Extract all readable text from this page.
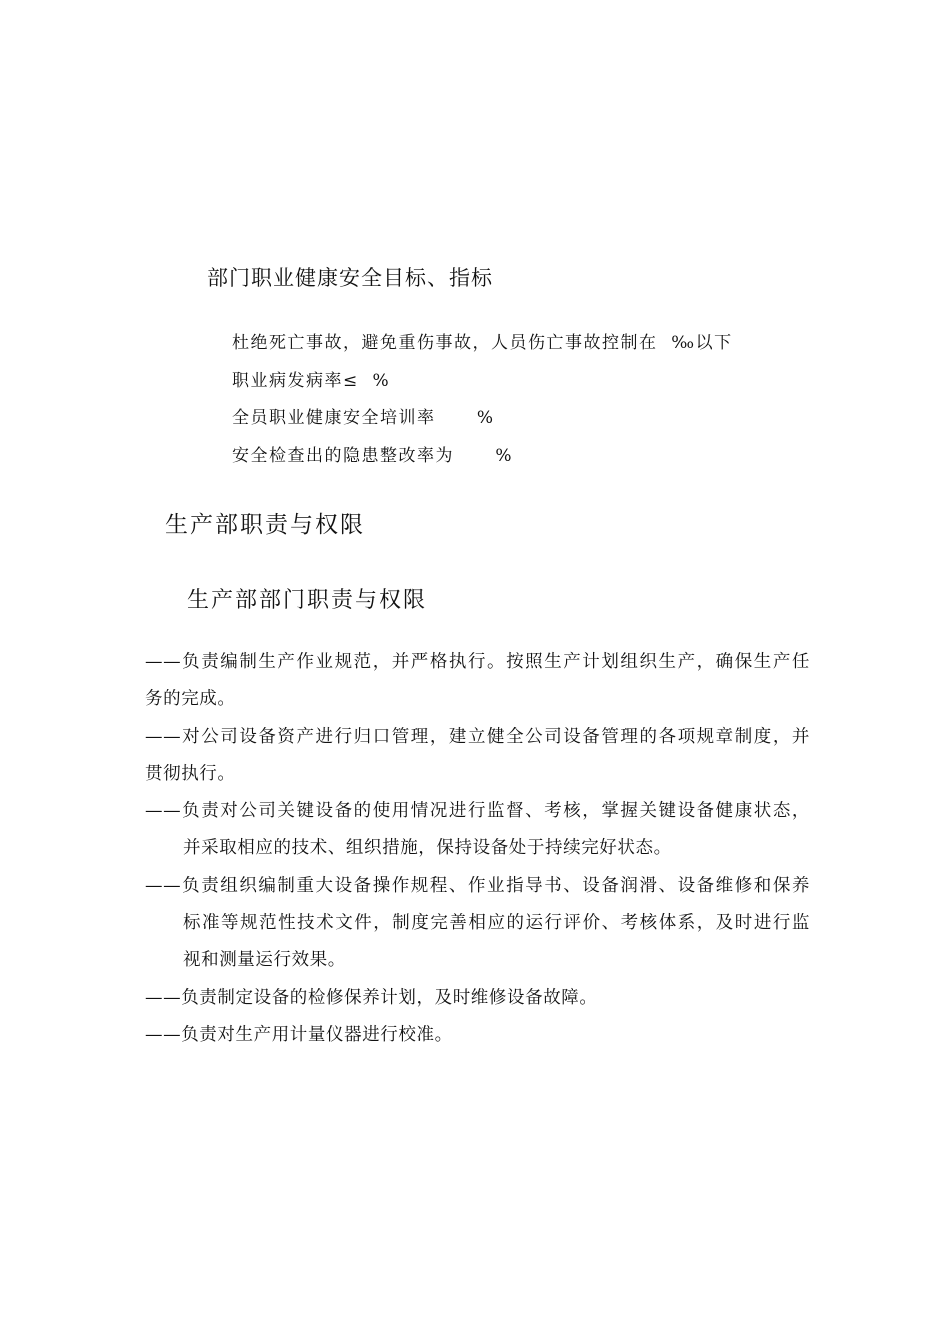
部门职业健康安全目标、指标
杜绝死亡事故，避免重伤事故，人员伤亡事故控制在  ‰以下
职业病发病率≤  %
全员职业健康安全培训率      %
安全检查出的隐患整改率为      %
生产部职责与权限
生产部部门职责与权限
——负责编制生产作业规范，并严格执行。按照生产计划组织生产，确保生产任
务的完成。
——对公司设备资产进行归口管理，建立健全公司设备管理的各项规章制度，并
贯彻执行。
——负责对公司关键设备的使用情况进行监督、考核，掌握关键设备健康状态，
并采取相应的技术、组织措施，保持设备处于持续完好状态。
——负责组织编制重大设备操作规程、作业指导书、设备润滑、设备维修和保养
标准等规范性技术文件，制度完善相应的运行评价、考核体系，及时进行监
视和测量运行效果。
——负责制定设备的检修保养计划，及时维修设备故障。
——负责对生产用计量仪器进行校准。
